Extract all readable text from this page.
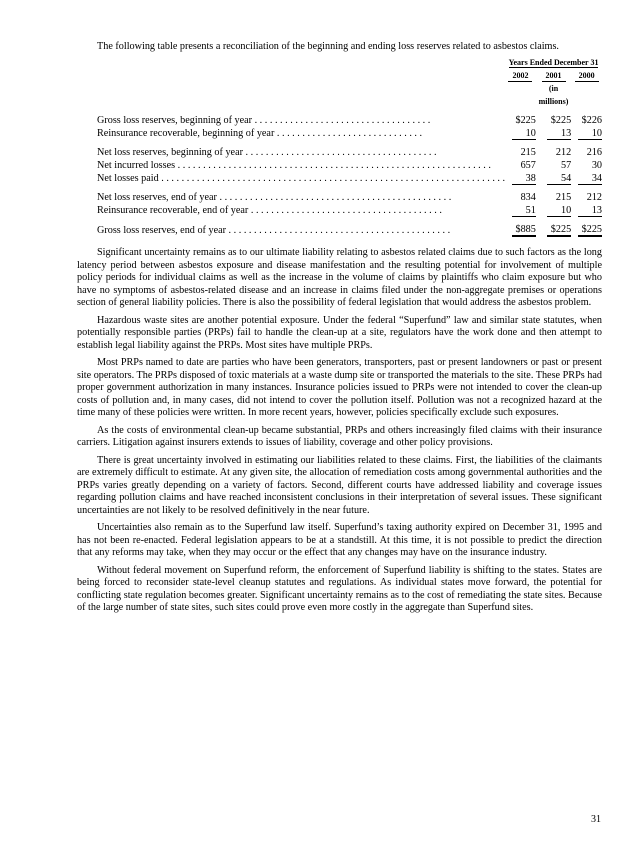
The following table presents a reconciliation of the beginning and ending loss reserves related to asbestos claims.

	Years Ended December 31		
	2002	2001	2000
		(in millions)	

Gross loss reserves, beginning of year . . . . . . . . . . . . . . . . . . . . . . . . . . . . . . . . . . .	$225	$225	$226
Reinsurance recoverable, beginning of year . . . . . . . . . . . . . . . . . . . . . . . . . . . . .	10	13	10

Net loss reserves, beginning of year . . . . . . . . . . . . . . . . . . . . . . . . . . . . . . . . . . . . . .	215	212	216
Net incurred losses . . . . . . . . . . . . . . . . . . . . . . . . . . . . . . . . . . . . . . . . . . . . . . . . . . . . . . . . . . . . . .	657	57	30
Net losses paid . . . . . . . . . . . . . . . . . . . . . . . . . . . . . . . . . . . . . . . . . . . . . . . . . . . . . . . . . . . . . . . . . . . .	38	54	34

Net loss reserves, end of year . . . . . . . . . . . . . . . . . . . . . . . . . . . . . . . . . . . . . . . . . . . . . .	834	215	212
Reinsurance recoverable, end of year . . . . . . . . . . . . . . . . . . . . . . . . . . . . . . . . . . . . . .	51	10	13

Gross loss reserves, end of year . . . . . . . . . . . . . . . . . . . . . . . . . . . . . . . . . . . . . . . . . . . .	$885	$225	$225

Significant uncertainty remains as to our ultimate liability relating to asbestos related claims due to such factors as the long latency period between asbestos exposure and disease manifestation and the resulting potential for involvement of multiple policy periods for individual claims as well as the increase in the volume of claims by plaintiffs who claim exposure but who have no symptoms of asbestos-related disease and an increase in claims filed under the non-aggregate premises or operations section of general liability policies. There is also the possibility of federal legislation that would address the asbestos problem.

Hazardous waste sites are another potential exposure. Under the federal “Superfund” law and similar state statutes, when potentially responsible parties (PRPs) fail to handle the clean-up at a site, regulators have the work done and then attempt to establish legal liability against the PRPs. Most sites have multiple PRPs.

Most PRPs named to date are parties who have been generators, transporters, past or present landowners or past or present site operators. The PRPs disposed of toxic materials at a waste dump site or transported the materials to the site. These PRPs had proper government authorization in many instances. Insurance policies issued to PRPs were not intended to cover the clean-up costs of pollution and, in many cases, did not intend to cover the pollution itself. Pollution was not a recognized hazard at the time many of these policies were written. In more recent years, however, policies specifically exclude such exposures.

As the costs of environmental clean-up became substantial, PRPs and others increasingly filed claims with their insurance carriers. Litigation against insurers extends to issues of liability, coverage and other policy provisions.

There is great uncertainty involved in estimating our liabilities related to these claims. First, the liabilities of the claimants are extremely difficult to estimate. At any given site, the allocation of remediation costs among governmental authorities and the PRPs varies greatly depending on a variety of factors. Second, different courts have addressed liability and coverage issues regarding pollution claims and have reached inconsistent conclusions in their interpretation of several issues. These significant uncertainties are not likely to be resolved definitively in the near future.

Uncertainties also remain as to the Superfund law itself. Superfund’s taxing authority expired on December 31, 1995 and has not been re-enacted. Federal legislation appears to be at a standstill. At this time, it is not possible to predict the direction that any reforms may take, when they may occur or the effect that any changes may have on the insurance industry.

Without federal movement on Superfund reform, the enforcement of Superfund liability is shifting to the states. States are being forced to reconsider state-level cleanup statutes and regulations. As individual states move forward, the potential for conflicting state regulation becomes greater. Significant uncertainty remains as to the cost of remediating the state sites. Because of the large number of state sites, such sites could prove even more costly in the aggregate than Superfund sites.

31
